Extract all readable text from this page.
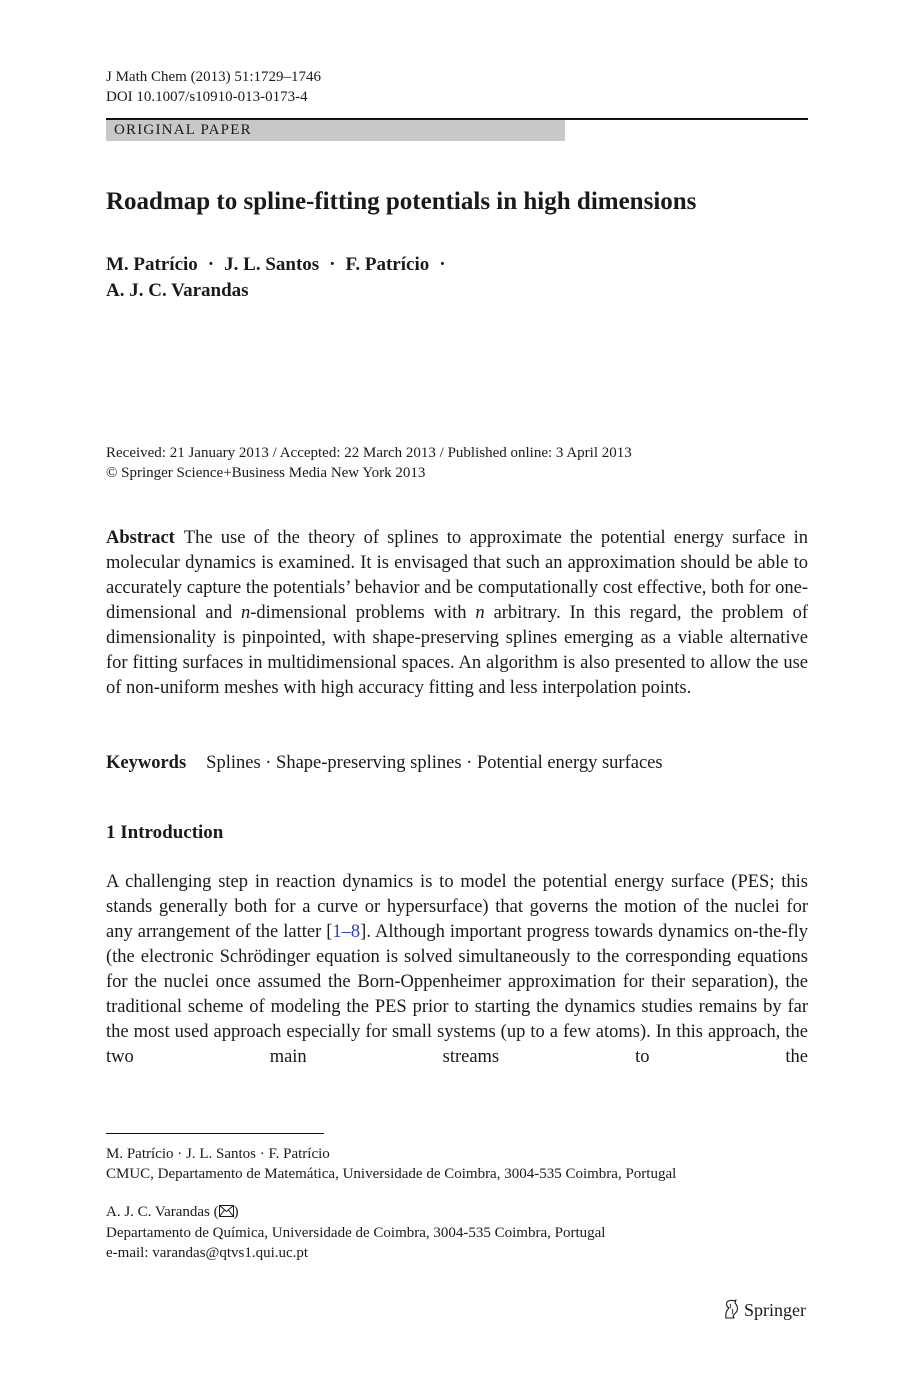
J Math Chem (2013) 51:1729–1746
DOI 10.1007/s10910-013-0173-4
ORIGINAL PAPER
Roadmap to spline-fitting potentials in high dimensions
M. Patrício · J. L. Santos · F. Patrício ·
A. J. C. Varandas
Received: 21 January 2013 / Accepted: 22 March 2013 / Published online: 3 April 2013
© Springer Science+Business Media New York 2013
Abstract The use of the theory of splines to approximate the potential energy surface in molecular dynamics is examined. It is envisaged that such an approximation should be able to accurately capture the potentials’ behavior and be computationally cost effective, both for one-dimensional and n-dimensional problems with n arbitrary. In this regard, the problem of dimensionality is pinpointed, with shape-preserving splines emerging as a viable alternative for fitting surfaces in multidimensional spaces. An algorithm is also presented to allow the use of non-uniform meshes with high accuracy fitting and less interpolation points.
Keywords Splines · Shape-preserving splines · Potential energy surfaces
1 Introduction
A challenging step in reaction dynamics is to model the potential energy surface (PES; this stands generally both for a curve or hypersurface) that governs the motion of the nuclei for any arrangement of the latter [1–8]. Although important progress towards dynamics on-the-fly (the electronic Schrödinger equation is solved simultaneously to the corresponding equations for the nuclei once assumed the Born-Oppenheimer approximation for their separation), the traditional scheme of modeling the PES prior to starting the dynamics studies remains by far the most used approach especially for small systems (up to a few atoms). In this approach, the two main streams to the
M. Patrício · J. L. Santos · F. Patrício
CMUC, Departamento de Matemática, Universidade de Coimbra, 3004-535 Coimbra, Portugal
A. J. C. Varandas ( )
Departamento de Química, Universidade de Coimbra, 3004-535 Coimbra, Portugal
e-mail: varandas@qtvs1.qui.uc.pt
Springer
